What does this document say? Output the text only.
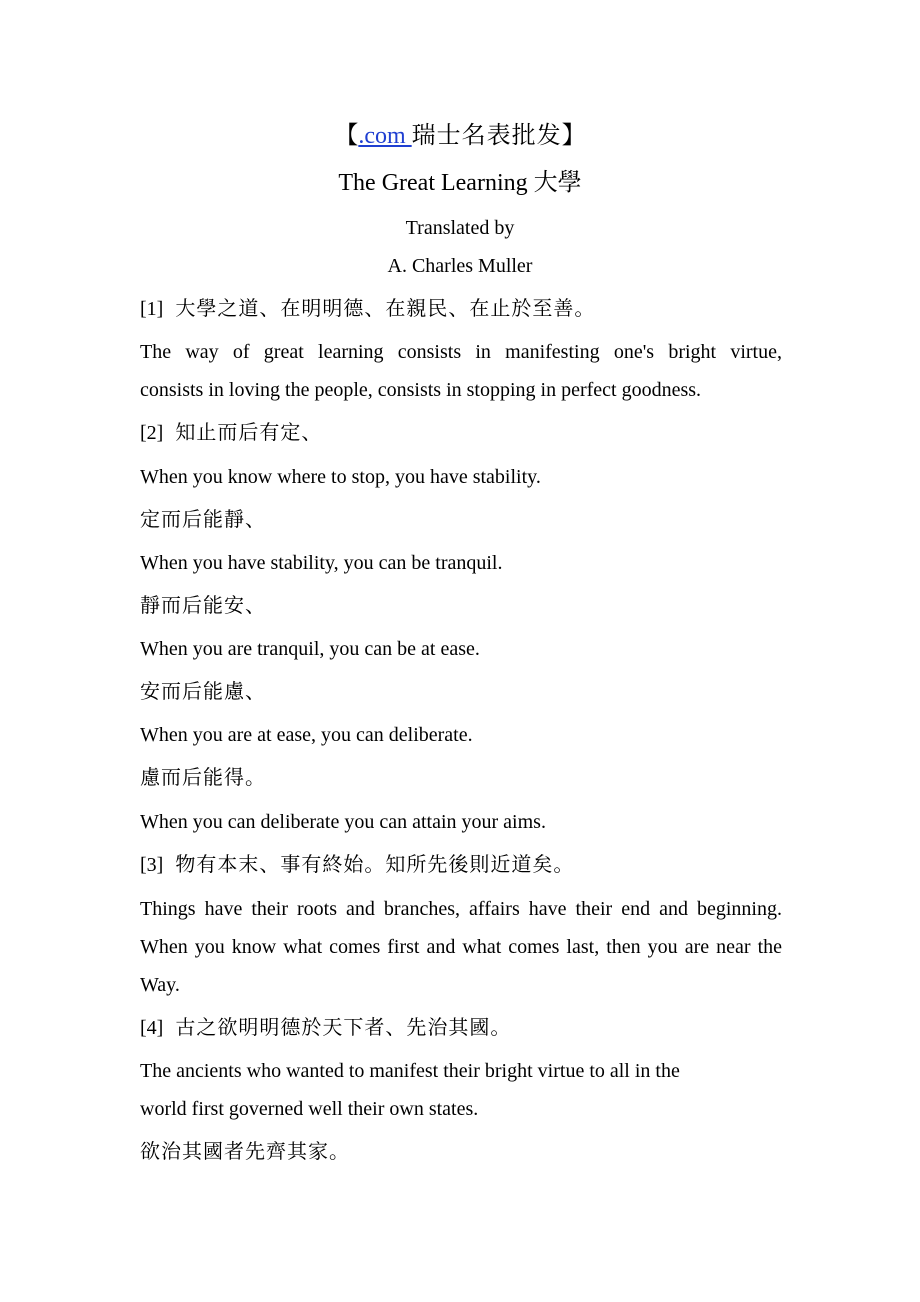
【.com 瑞士名表批发】
The Great Learning 大學
Translated by
A. Charles Muller
[1] 大學之道、在明明德、在親民、在止於至善。
The way of great learning consists in manifesting one's bright virtue,
consists in loving the people, consists in stopping in perfect goodness.
[2] 知止而后有定、
When you know where to stop, you have stability.
定而后能靜、
When you have stability, you can be tranquil.
靜而后能安、
When you are tranquil, you can be at ease.
安而后能慮、
When you are at ease, you can deliberate.
慮而后能得。
When you can deliberate you can attain your aims.
[3] 物有本末、事有終始。知所先後則近道矣。
Things have their roots and branches, affairs have their end and beginning.
When you know what comes first and what comes last, then you are near the
Way.
[4] 古之欲明明德於天下者、先治其國。
The ancients who wanted to manifest their bright virtue to all in the
world first governed well their own states.
欲治其國者先齊其家。
